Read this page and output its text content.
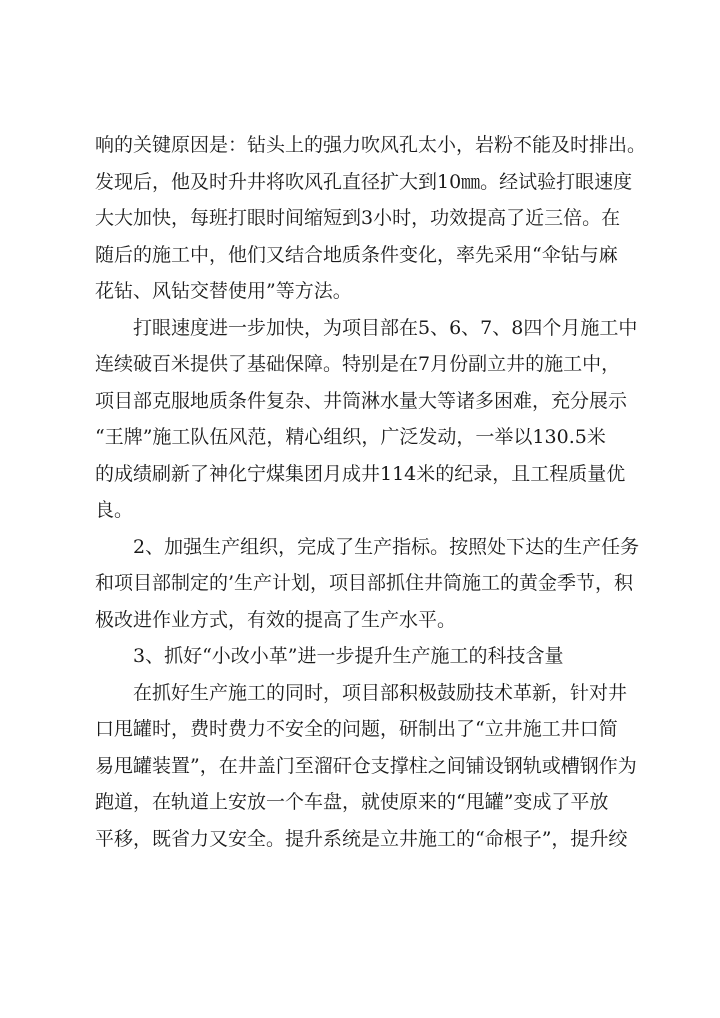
响的关键原因是：钻头上的强力吹风孔太小，岩粉不能及时排出。
发现后，他及时升井将吹风孔直径扩大到10㎜。经试验打眼速度
大大加快，每班打眼时间缩短到3小时，功效提高了近三倍。在
随后的施工中，他们又结合地质条件变化，率先采用“伞钻与麻
花钻、风钻交替使用”等方法。
打眼速度进一步加快，为项目部在5、6、7、8四个月施工中
连续破百米提供了基础保障。特别是在7月份副立井的施工中，
项目部克服地质条件复杂、井筒淋水量大等诸多困难，充分展示
“王牌”施工队伍风范，精心组织，广泛发动，一举以130.5米
的成绩刷新了神化宁煤集团月成井114米的纪录，且工程质量优
良。
2、加强生产组织，完成了生产指标。按照处下达的生产任务
和项目部制定的’生产计划，项目部抓住井筒施工的黄金季节，积
极改进作业方式，有效的提高了生产水平。
3、抓好“小改小革”进一步提升生产施工的科技含量
在抓好生产施工的同时，项目部积极鼓励技术革新，针对井
口甩罐时，费时费力不安全的问题，研制出了“立井施工井口简
易甩罐装置”，在井盖门至溜矸仓支撑柱之间铺设钢轨或槽钢作为
跑道，在轨道上安放一个车盘，就使原来的“甩罐”变成了平放
平移，既省力又安全。提升系统是立井施工的“命根子”，提升绞
